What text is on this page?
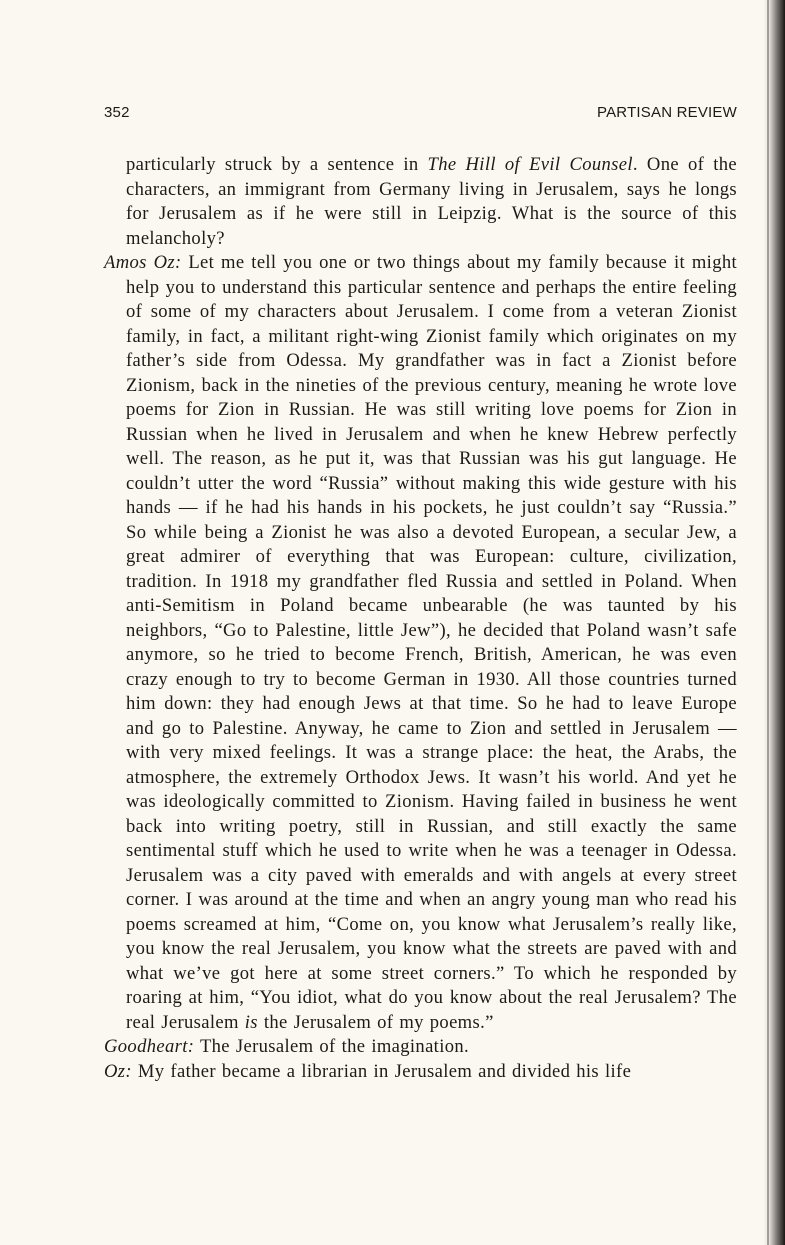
352	PARTISAN REVIEW

particularly struck by a sentence in The Hill of Evil Counsel. One of the characters, an immigrant from Germany living in Jerusalem, says he longs for Jerusalem as if he were still in Leipzig. What is the source of this melancholy?

Amos Oz: Let me tell you one or two things about my family because it might help you to understand this particular sentence and perhaps the entire feeling of some of my characters about Jerusalem. I come from a veteran Zionist family, in fact, a militant right-wing Zionist family which originates on my father’s side from Odessa. My grandfather was in fact a Zionist before Zionism, back in the nineties of the previous century, meaning he wrote love poems for Zion in Russian. He was still writing love poems for Zion in Russian when he lived in Jerusalem and when he knew Hebrew perfectly well. The reason, as he put it, was that Russian was his gut language. He couldn’t utter the word “Russia” without making this wide gesture with his hands — if he had his hands in his pockets, he just couldn’t say “Russia.” So while being a Zionist he was also a devoted European, a secular Jew, a great admirer of everything that was European: culture, civilization, tradition. In 1918 my grandfather fled Russia and settled in Poland. When anti-Semitism in Poland became unbearable (he was taunted by his neighbors, “Go to Palestine, little Jew”), he decided that Poland wasn’t safe anymore, so he tried to become French, British, American, he was even crazy enough to try to become German in 1930. All those countries turned him down: they had enough Jews at that time. So he had to leave Europe and go to Palestine. Anyway, he came to Zion and settled in Jerusalem — with very mixed feelings. It was a strange place: the heat, the Arabs, the atmosphere, the extremely Orthodox Jews. It wasn’t his world. And yet he was ideologically committed to Zionism. Having failed in business he went back into writing poetry, still in Russian, and still exactly the same sentimental stuff which he used to write when he was a teenager in Odessa. Jerusalem was a city paved with emeralds and with angels at every street corner. I was around at the time and when an angry young man who read his poems screamed at him, “Come on, you know what Jerusalem’s really like, you know the real Jerusalem, you know what the streets are paved with and what we’ve got here at some street corners.” To which he responded by roaring at him, “You idiot, what do you know about the real Jerusalem? The real Jerusalem is the Jerusalem of my poems.”

Goodheart: The Jerusalem of the imagination.

Oz: My father became a librarian in Jerusalem and divided his life
